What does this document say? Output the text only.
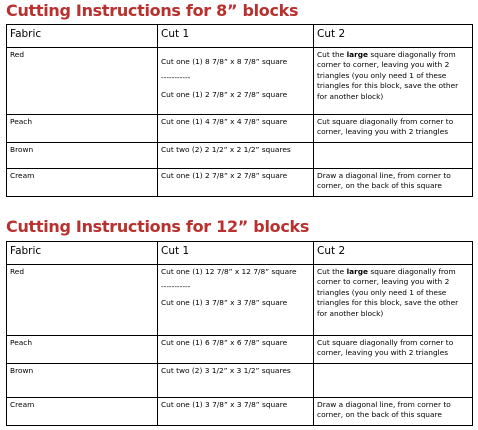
Cutting Instructions for 8” blocks
Fabric	Cut 1	Cut 2
Red	Cut one (1) 8 7/8” x 8 7/8” square
-----------
Cut one (1) 2 7/8” x 2 7/8” square	Cut the large square diagonally from corner to corner, leaving you with 2 triangles (you only need 1 of these triangles for this block, save the other for another block)
Peach	Cut one (1) 4 7/8” x 4 7/8” square	Cut square diagonally from corner to corner, leaving you with 2 triangles
Brown	Cut two (2) 2 1/2” x 2 1/2” squares	
Cream	Cut one (1) 2 7/8” x 2 7/8” square	Draw a diagonal line, from corner to corner, on the back of this square
Cutting Instructions for 12” blocks
Fabric	Cut 1	Cut 2
Red	Cut one (1) 12 7/8” x 12 7/8” square
-----------
Cut one (1) 3 7/8” x 3 7/8” square	Cut the large square diagonally from corner to corner, leaving you with 2 triangles (you only need 1 of these triangles for this block, save the other for another block)
Peach	Cut one (1) 6 7/8” x 6 7/8” square	Cut square diagonally from corner to corner, leaving you with 2 triangles
Brown	Cut two (2) 3 1/2” x 3 1/2” squares	
Cream	Cut one (1) 3 7/8” x 3 7/8” square	Draw a diagonal line, from corner to corner, on the back of this square
